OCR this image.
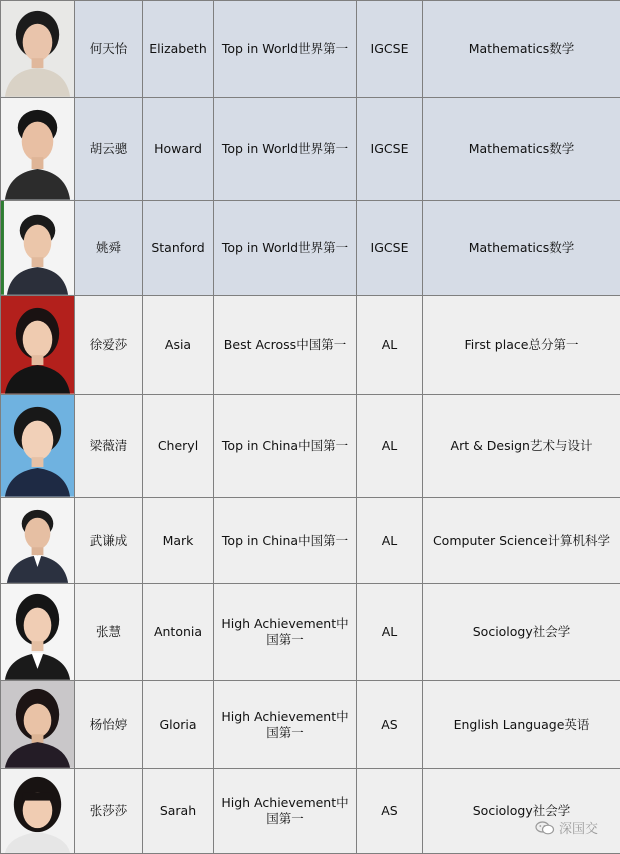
	何天怡	Elizabeth	Top in World世界第一	IGCSE	Mathematics数学

	胡云骢	Howard	Top in World世界第一	IGCSE	Mathematics数学

	姚舜	Stanford	Top in World世界第一	IGCSE	Mathematics数学

	徐爱莎	Asia	Best Across中国第一	AL	First place总分第一

	梁薇清	Cheryl	Top in China中国第一	AL	Art & Design艺术与设计

	武谦成	Mark	Top in China中国第一	AL	Computer Science计算机科学

	张慧	Antonia	High Achievement中国第一	AL	Sociology社会学

	杨怡婷	Gloria	High Achievement中国第一	AS	English Language英语

	张莎莎	Sarah	High Achievement中国第一	AS	Sociology社会学
深国交
